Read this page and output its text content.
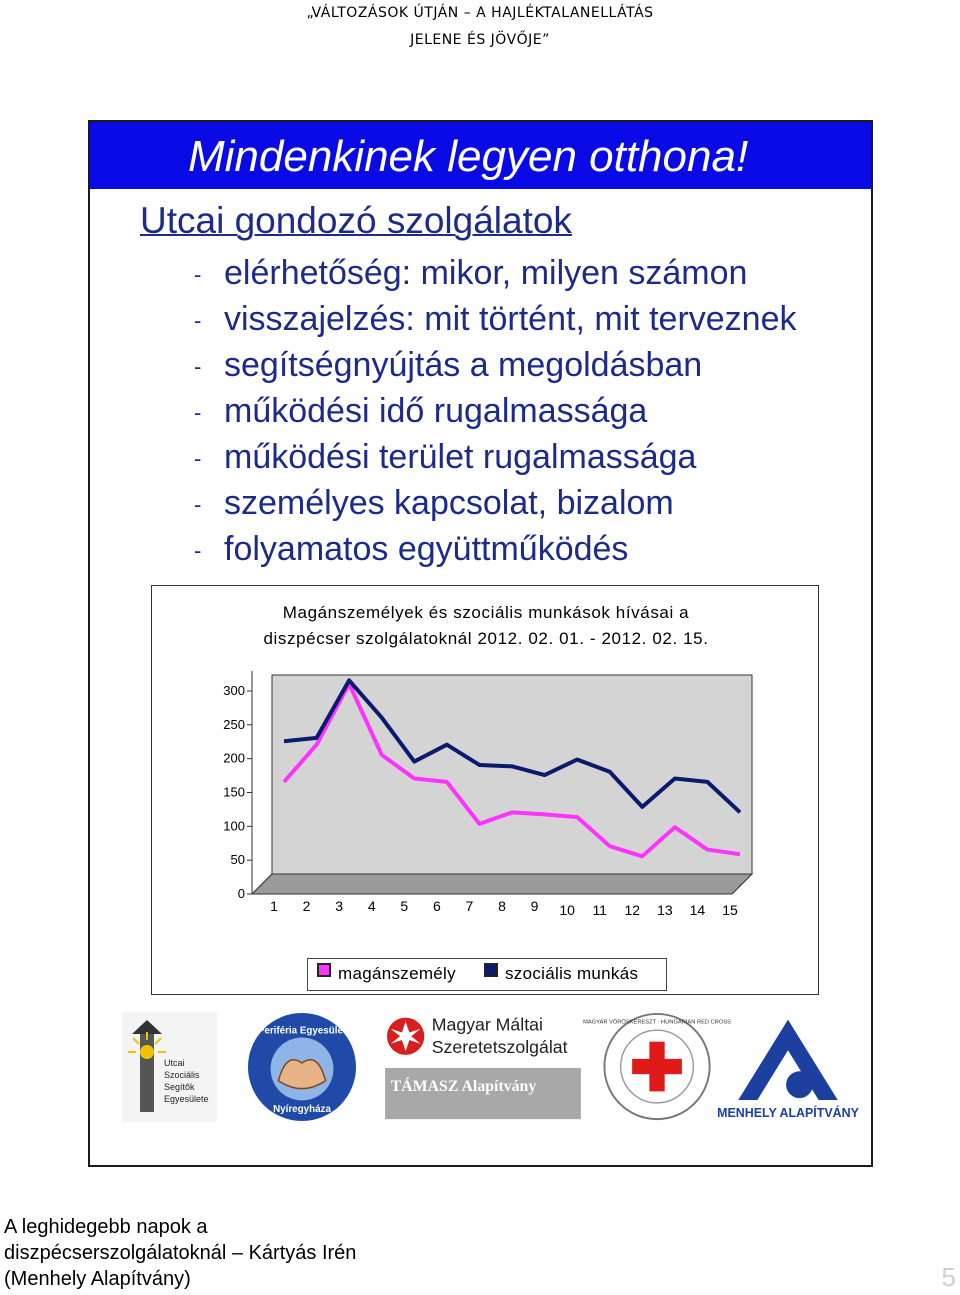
„VÁLTOZÁSOK ÚTJÁN – A HAJLÉKTALANELLÁTÁS
JELENE ÉS JÖVŐJE”
Mindenkinek legyen otthona!
Utcai gondozó szolgálatok
- elérhetőség: mikor, milyen számon
- visszajelzés: mit történt, mit terveznek
- segítségnyújtás a megoldásban
- működési idő rugalmassága
- működési terület rugalmassága
- személyes kapcsolat, bizalom
- folyamatos együttműködés
Magánszemélyek és szociális munkások hívásai a
diszpécser szolgálatoknál 2012. 02. 01. - 2012. 02. 15.
0
50
100
150
200
250
300
1 2 3 4 5 6 7 8 9 10 11 12 13 14 15
magánszemély	szociális munkás
Utcai
Szociális
Segítők
Egyesülete
Periféria Egyesület
Nyíregyháza
Magyar Máltai
Szeretetszolgálat
TÁMASZ Alapítvány
MAGYAR VÖRÖSKERESZT · HUNGARIAN RED CROSS
MENHELY ALAPÍTVÁNY
A leghidegebb napok a
diszpécserszolgálatoknál – Kártyás Irén
(Menhely Alapítvány)	5
